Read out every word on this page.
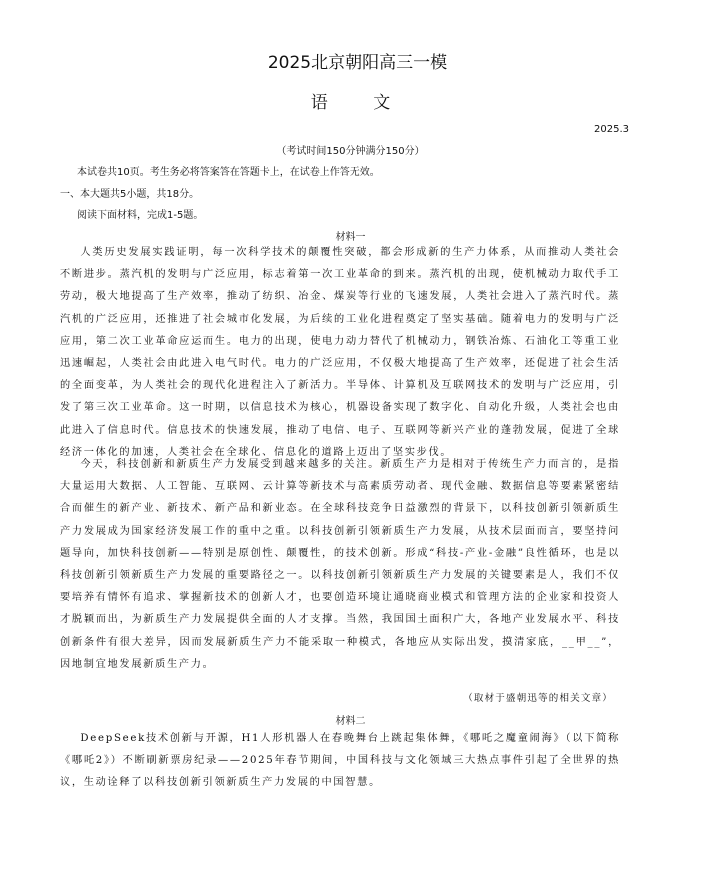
2025北京朝阳高三一模
语	文
2025.3
（考试时间150分钟满分150分）
本试卷共10页。考生务必将答案答在答题卡上，在试卷上作答无效。
一、本大题共5小题，共18分。
阅读下面材料，完成1-5题。
材料一
人类历史发展实践证明，每一次科学技术的颠覆性突破，都会形成新的生产力体系，从而推动人类社会不断进步。蒸汽机的发明与广泛应用，标志着第一次工业革命的到来。蒸汽机的出现，使机械动力取代手工劳动，极大地提高了生产效率，推动了纺织、冶金、煤炭等行业的飞速发展，人类社会进入了蒸汽时代。蒸汽机的广泛应用，还推进了社会城市化发展，为后续的工业化进程奠定了坚实基础。随着电力的发明与广泛应用，第二次工业革命应运而生。电力的出现，使电力动力替代了机械动力，钢铁冶炼、石油化工等重工业迅速崛起，人类社会由此进入电气时代。电力的广泛应用，不仅极大地提高了生产效率，还促进了社会生活的全面变革，为人类社会的现代化进程注入了新活力。半导体、计算机及互联网技术的发明与广泛应用，引发了第三次工业革命。这一时期，以信息技术为核心，机器设备实现了数字化、自动化升级，人类社会也由此进入了信息时代。信息技术的快速发展，推动了电信、电子、互联网等新兴产业的蓬勃发展，促进了全球经济一体化的加速，人类社会在全球化、信息化的道路上迈出了坚实步伐。
今天，科技创新和新质生产力发展受到越来越多的关注。新质生产力是相对于传统生产力而言的，是指大量运用大数据、人工智能、互联网、云计算等新技术与高素质劳动者、现代金融、数据信息等要素紧密结合而催生的新产业、新技术、新产品和新业态。在全球科技竞争日益激烈的背景下，以科技创新引领新质生产力发展成为国家经济发展工作的重中之重。以科技创新引领新质生产力发展，从技术层面而言，要坚持问题导向，加快科技创新——特别是原创性、颠覆性，的技术创新。形成“科技-产业-金融”良性循环，也是以科技创新引领新质生产力发展的重要路径之一。以科技创新引领新质生产力发展的关键要素是人，我们不仅要培养有情怀有追求、掌握新技术的创新人才，也要创造环境让通晓商业模式和管理方法的企业家和投资人才脱颖而出，为新质生产力发展提供全面的人才支撑。当然，我国国土面积广大，各地产业发展水平、科技创新条件有很大差异，因而发展新质生产力不能采取一种模式，各地应从实际出发，摸清家底，__甲__”，因地制宜地发展新质生产力。
（取材于盛朝迅等的相关文章）
材料二
DeepSeek技术创新与开源，H1人形机器人在春晚舞台上跳起集体舞，《哪吒之魔童闹海》（以下简称《哪吒2》）不断刷新票房纪录——2025年春节期间，中国科技与文化领域三大热点事件引起了全世界的热议，生动诠释了以科技创新引领新质生产力发展的中国智慧。
